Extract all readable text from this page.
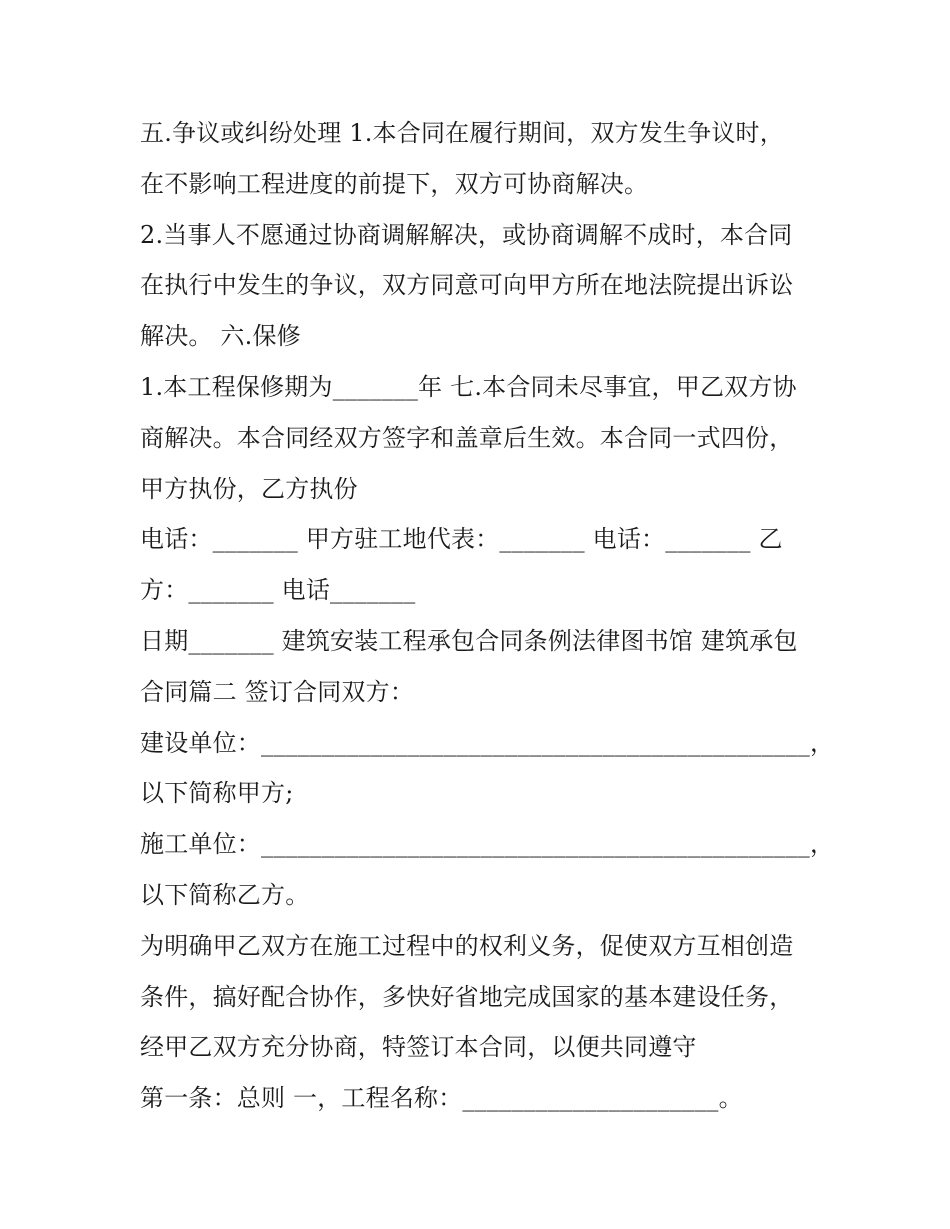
五.争议或纠纷处理 1.本合同在履行期间，双方发生争议时，
在不影响工程进度的前提下，双方可协商解决。
2.当事人不愿通过协商调解解决，或协商调解不成时，本合同
在执行中发生的争议，双方同意可向甲方所在地法院提出诉讼
解决。 六.保修
1.本工程保修期为_______年 七.本合同未尽事宜，甲乙双方协
商解决。本合同经双方签字和盖章后生效。本合同一式四份，
甲方执份，乙方执份
电话：_______ 甲方驻工地代表：_______ 电话：_______ 乙
方：_______ 电话_______
日期_______ 建筑安装工程承包合同条例法律图书馆 建筑承包
合同篇二 签订合同双方：
建设单位：_____________________________________________，
以下简称甲方;
施工单位：_____________________________________________，
以下简称乙方。
为明确甲乙双方在施工过程中的权利义务，促使双方互相创造
条件，搞好配合协作，多快好省地完成国家的基本建设任务，
经甲乙双方充分协商，特签订本合同，以便共同遵守
第一条：总则 一，工程名称：_____________________。
